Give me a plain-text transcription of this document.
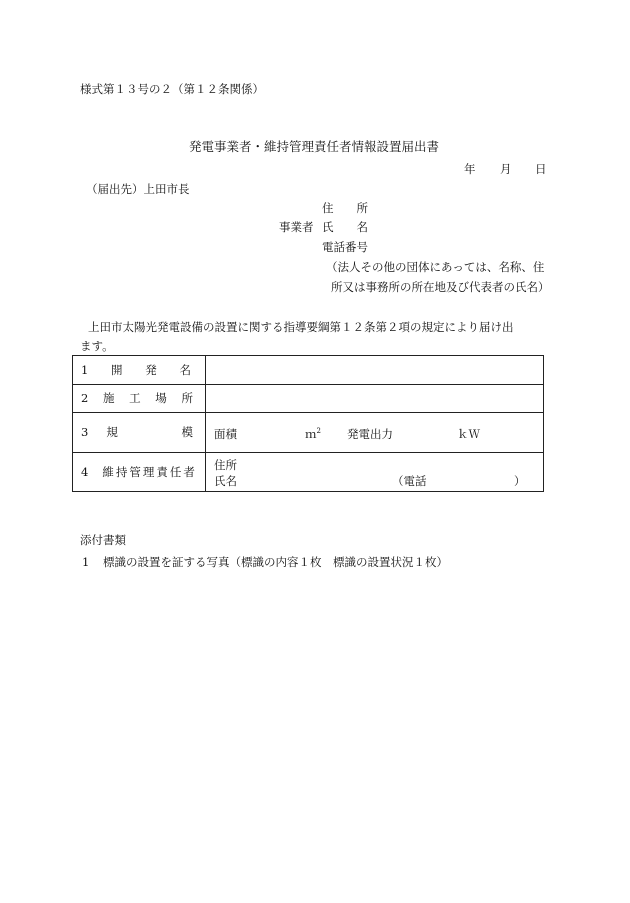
様式第１３号の２（第１２条関係）
発電事業者・維持管理責任者情報設置届出書
年 月 日
（届出先）上田市長
住　　所
事業者 氏　　名
電話番号
（法人その他の団体にあっては、名称、住
所又は事務所の所在地及び代表者の氏名）
上田市太陽光発電設備の設置に関する指導要綱第１２条第２項の規定により届け出
ます。
1 開 発 名	

2 施 工 場 所	

3 規 模	面積 ｍ$^2$ 発電出力 ｋＷ

4 維持管理責任者	住所
氏名 （電話 ）
添付書類
1 標識の設置を証する写真（標識の内容１枚　標識の設置状況１枚）
